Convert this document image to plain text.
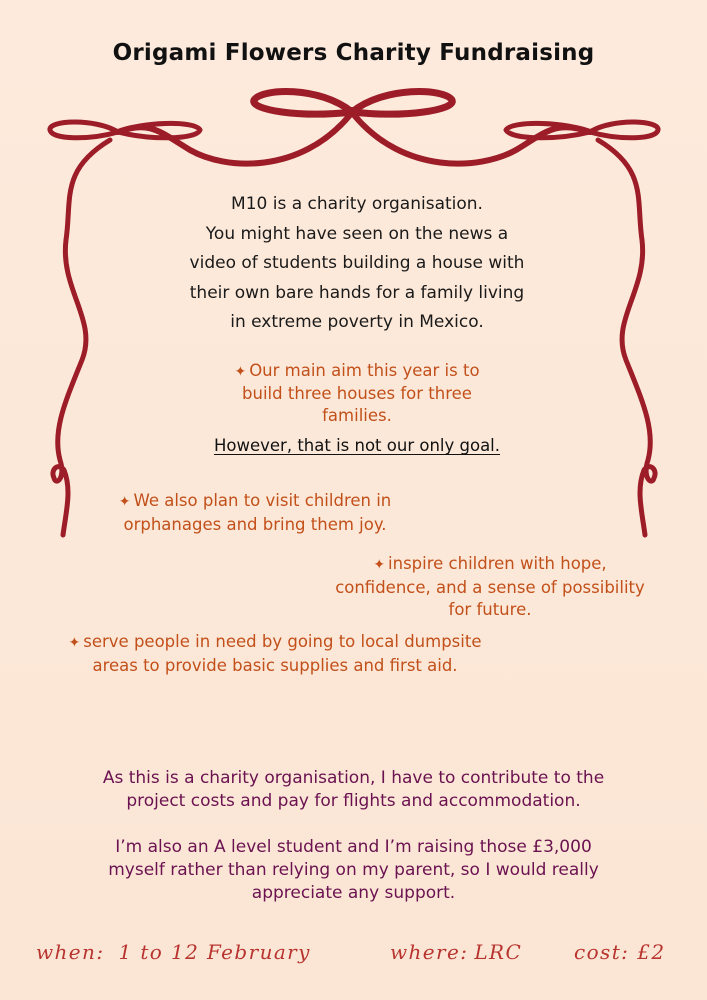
Origami Flowers Charity Fundraising
M10 is a charity organisation.
You might have seen on the news a
video of students building a house with
their own bare hands for a family living
in extreme poverty in Mexico.
✦ Our main aim this year is to
build three houses for three
families.
However, that is not our only goal.
✦ We also plan to visit children in
orphanages and bring them joy.
✦ inspire children with hope,
confidence, and a sense of possibility
for future.
✦ serve people in need by going to local dumpsite
areas to provide basic supplies and first aid.

As this is a charity organisation, I have to contribute to the
project costs and pay for flights and accommodation.

I’m also an A level student and I’m raising those £3,000
myself rather than relying on my parent, so I would really
appreciate any support.

when: 1 to 12 February	where: LRC	cost: £2
